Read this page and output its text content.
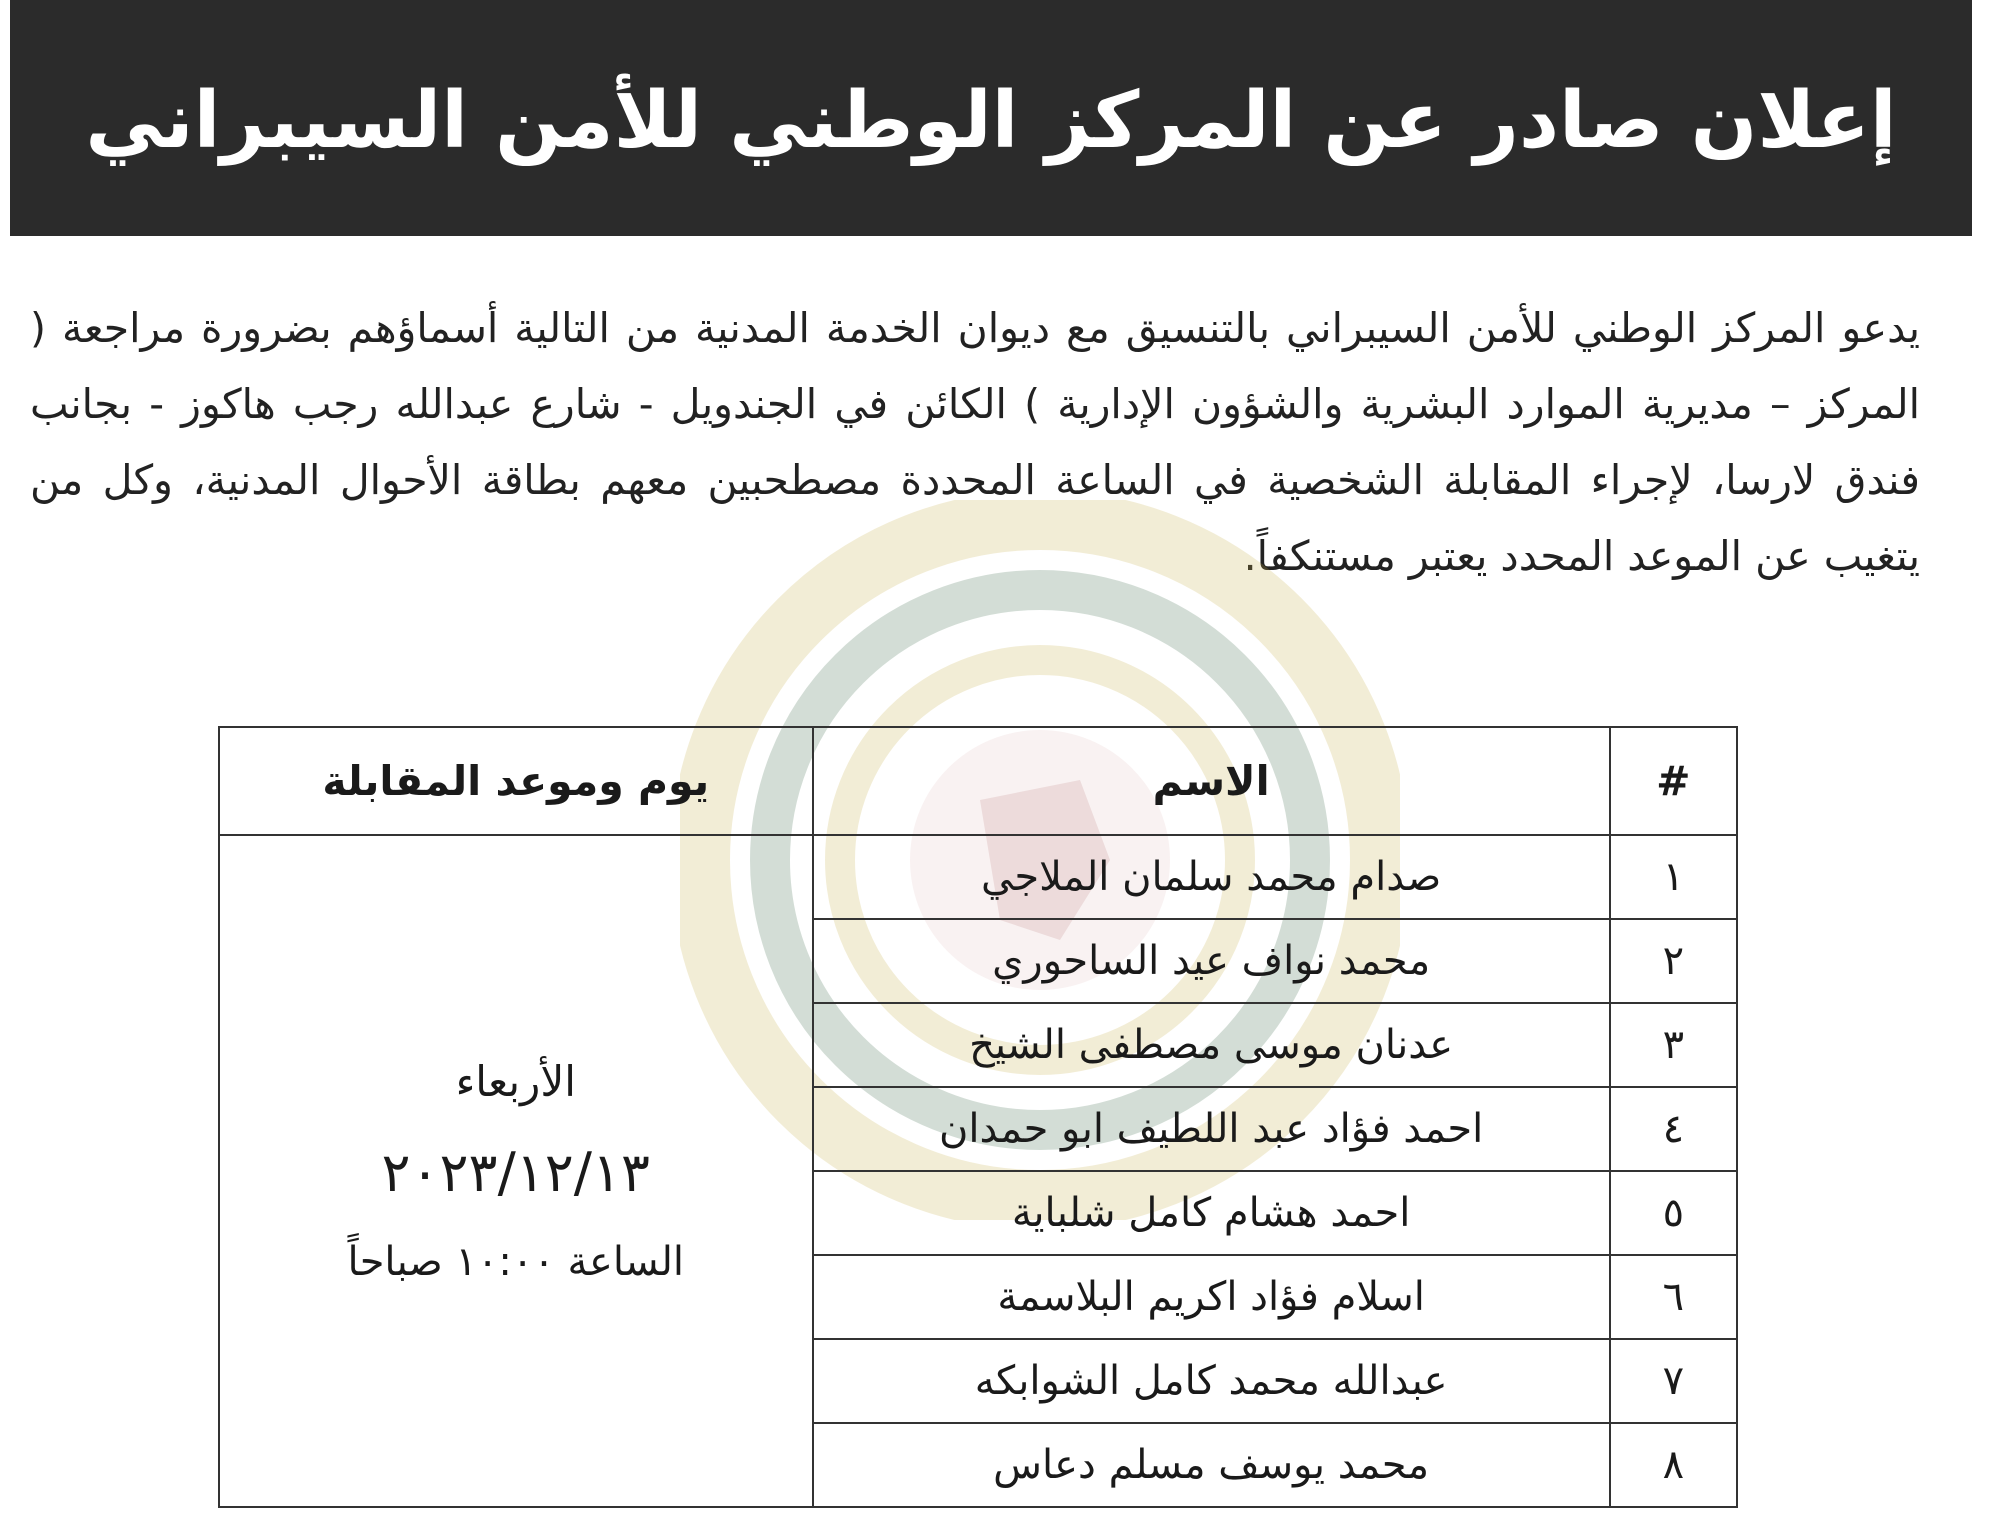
إعلان صادر عن المركز الوطني للأمن السيبراني

يدعو المركز الوطني للأمن السيبراني بالتنسيق مع ديوان الخدمة المدنية من التالية أسماؤهم بضرورة مراجعة ( المركز – مديرية الموارد البشرية والشؤون الإدارية ) الكائن في الجندويل - شارع عبدالله رجب هاكوز - بجانب فندق لارسا، لإجراء المقابلة الشخصية في الساعة المحددة مصطحبين معهم بطاقة الأحوال المدنية، وكل من يتغيب عن الموعد المحدد يعتبر مستنكفاً.

#	الاسم	يوم وموعد المقابلة
١	صدام محمد سلمان الملاجي	الأربعاء
٢٠٢٣/١٢/١٣
الساعة ١٠:٠٠ صباحاً

٢	محمد نواف عيد الساحوري	
٣	عدنان موسى مصطفى الشيخ	
٤	احمد فؤاد عبد اللطيف ابو حمدان	
٥	احمد هشام كامل شلباية	
٦	اسلام فؤاد اكريم البلاسمة	
٧	عبدالله محمد كامل الشوابكه	
٨	محمد يوسف مسلم دعاس	
